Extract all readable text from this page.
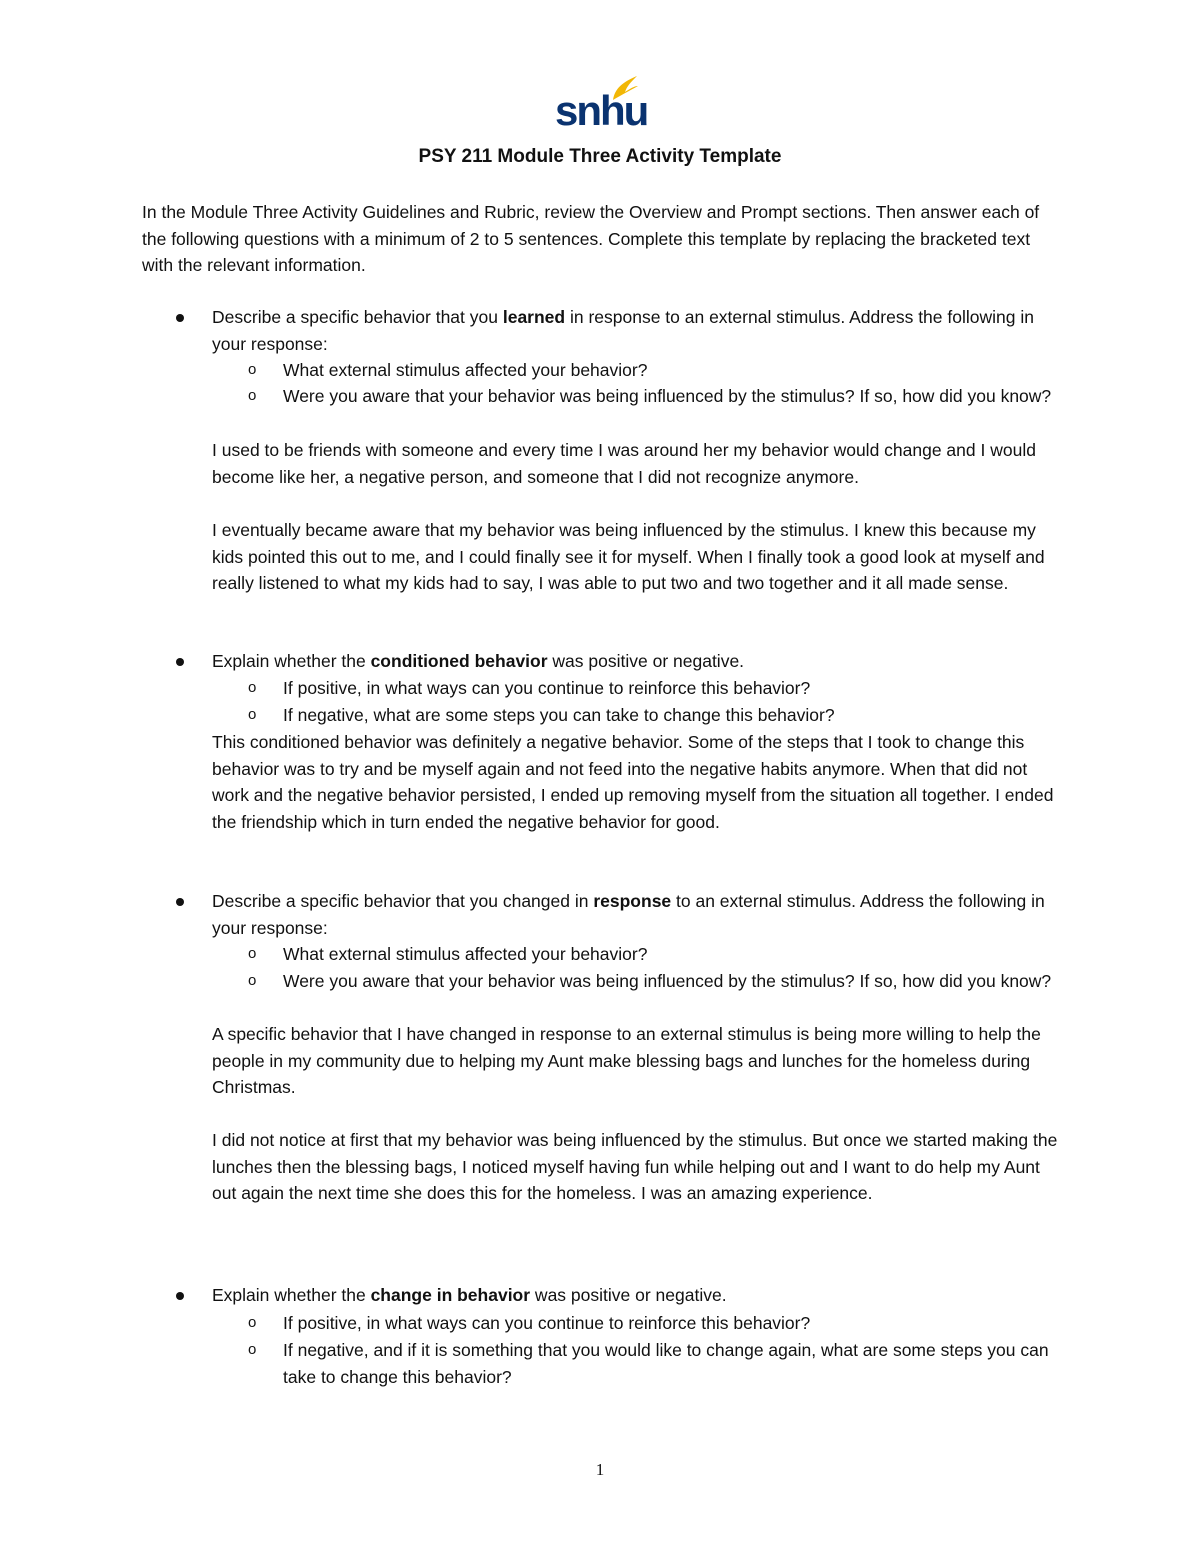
snhu
PSY 211 Module Three Activity Template

In the Module Three Activity Guidelines and Rubric, review the Overview and Prompt sections. Then answer each of the following questions with a minimum of 2 to 5 sentences. Complete this template by replacing the bracketed text with the relevant information.

Describe a specific behavior that you learned in response to an external stimulus. Address the following in your response:

o What external stimulus affected your behavior?

o Were you aware that your behavior was being influenced by the stimulus? If so, how did you know?

I used to be friends with someone and every time I was around her my behavior would change and I would become like her, a negative person, and someone that I did not recognize anymore.

I eventually became aware that my behavior was being influenced by the stimulus. I knew this because my kids pointed this out to me, and I could finally see it for myself. When I finally took a good look at myself and really listened to what my kids had to say, I was able to put two and two together and it all made sense.

Explain whether the conditioned behavior was positive or negative.

o If positive, in what ways can you continue to reinforce this behavior?

o If negative, what are some steps you can take to change this behavior?

This conditioned behavior was definitely a negative behavior. Some of the steps that I took to change this behavior was to try and be myself again and not feed into the negative habits anymore. When that did not work and the negative behavior persisted, I ended up removing myself from the situation all together. I ended the friendship which in turn ended the negative behavior for good.

Describe a specific behavior that you changed in response to an external stimulus. Address the following in your response:

o What external stimulus affected your behavior?

o Were you aware that your behavior was being influenced by the stimulus? If so, how did you know?

A specific behavior that I have changed in response to an external stimulus is being more willing to help the people in my community due to helping my Aunt make blessing bags and lunches for the homeless during Christmas.

I did not notice at first that my behavior was being influenced by the stimulus. But once we started making the lunches then the blessing bags, I noticed myself having fun while helping out and I want to do help my Aunt out again the next time she does this for the homeless. I was an amazing experience.

Explain whether the change in behavior was positive or negative.

o If positive, in what ways can you continue to reinforce this behavior?

o If negative, and if it is something that you would like to change again, what are some steps you can take to change this behavior?

1
